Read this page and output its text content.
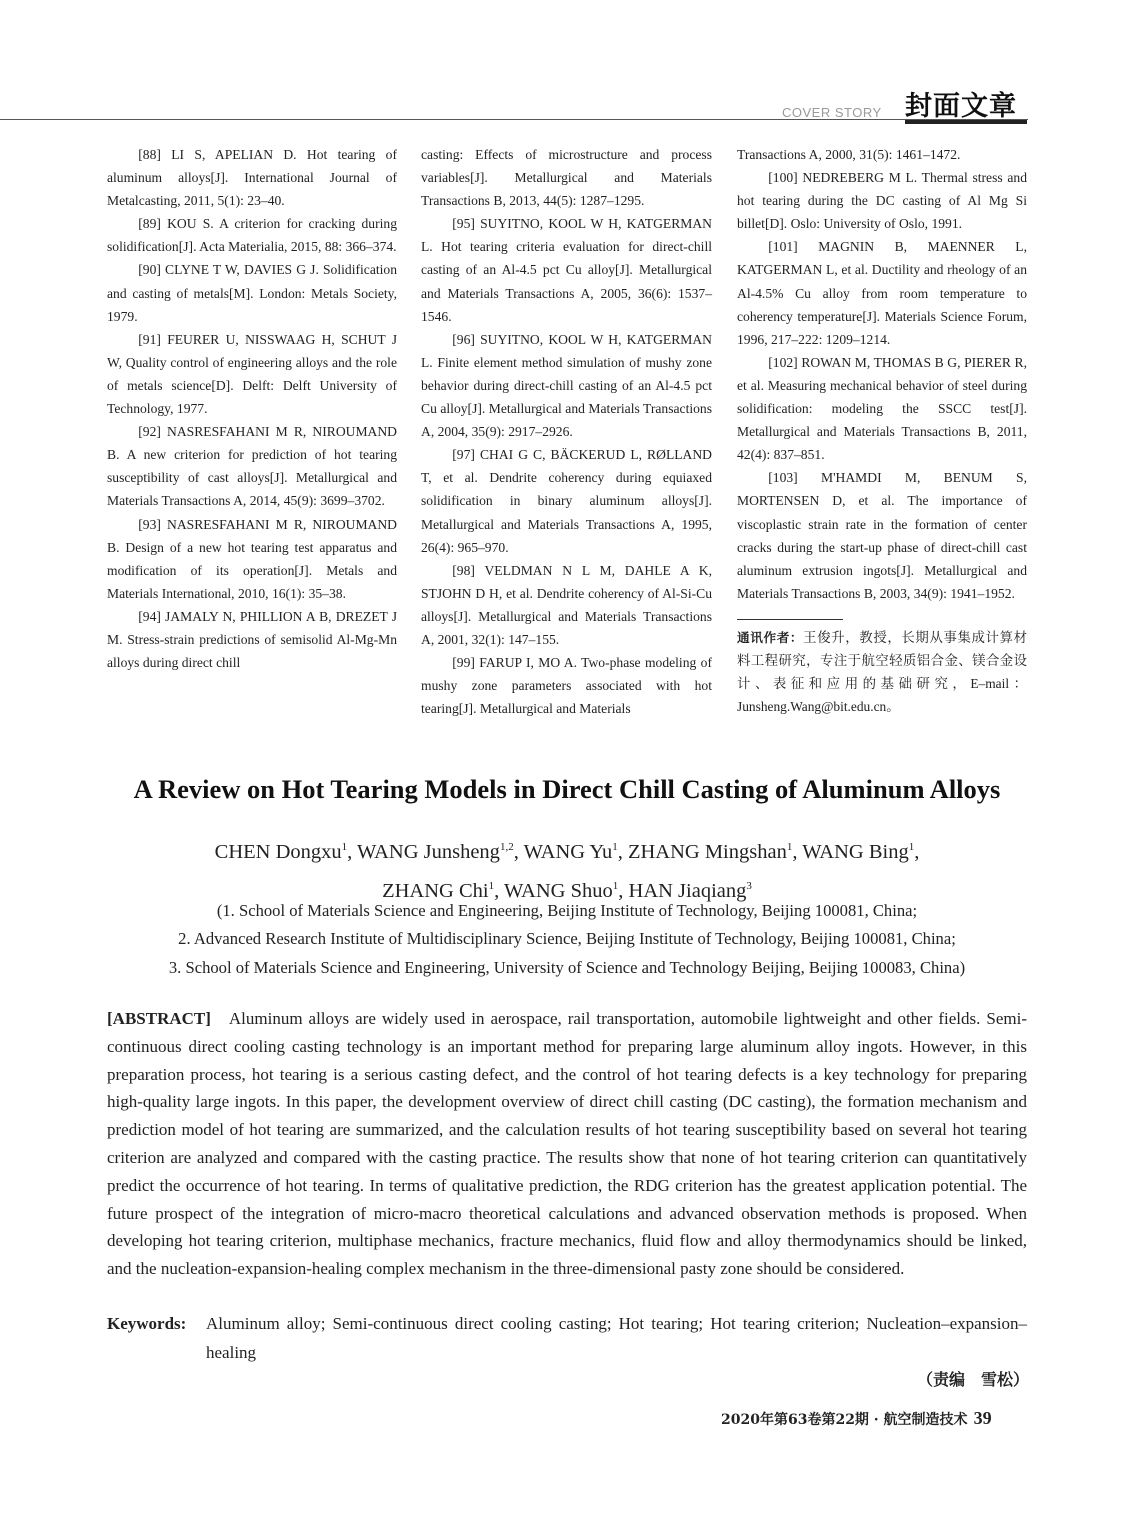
COVER STORY 封面文章

[88] LI S, APELIAN D. Hot tearing of aluminum alloys[J]. International Journal of Metalcasting, 2011, 5(1): 23–40.

[89] KOU S. A criterion for cracking during solidification[J]. Acta Materialia, 2015, 88: 366–374.

[90] CLYNE T W, DAVIES G J. Solidification and casting of metals[M]. London: Metals Society, 1979.

[91] FEURER U, NISSWAAG H, SCHUT J W, Quality control of engineering alloys and the role of metals science[D]. Delft: Delft University of Technology, 1977.

[92] NASRESFAHANI M R, NIROUMAND B. A new criterion for prediction of hot tearing susceptibility of cast alloys[J]. Metallurgical and Materials Transactions A, 2014, 45(9): 3699–3702.

[93] NASRESFAHANI M R, NIROUMAND B. Design of a new hot tearing test apparatus and modification of its operation[J]. Metals and Materials International, 2010, 16(1): 35–38.

[94] JAMALY N, PHILLION A B, DREZET J M. Stress-strain predictions of semisolid Al-Mg-Mn alloys during direct chill

casting: Effects of microstructure and process variables[J]. Metallurgical and Materials Transactions B, 2013, 44(5): 1287–1295.

[95] SUYITNO, KOOL W H, KATGERMAN L. Hot tearing criteria evaluation for direct-chill casting of an Al-4.5 pct Cu alloy[J]. Metallurgical and Materials Transactions A, 2005, 36(6): 1537–1546.

[96] SUYITNO, KOOL W H, KATGERMAN L. Finite element method simulation of mushy zone behavior during direct-chill casting of an Al-4.5 pct Cu alloy[J]. Metallurgical and Materials Transactions A, 2004, 35(9): 2917–2926.

[97] CHAI G C, BÄCKERUD L, RØLLAND T, et al. Dendrite coherency during equiaxed solidification in binary aluminum alloys[J]. Metallurgical and Materials Transactions A, 1995, 26(4): 965–970.

[98] VELDMAN N L M, DAHLE A K, STJOHN D H, et al. Dendrite coherency of Al-Si-Cu alloys[J]. Metallurgical and Materials Transactions A, 2001, 32(1): 147–155.

[99] FARUP I, MO A. Two-phase modeling of mushy zone parameters associated with hot tearing[J]. Metallurgical and Materials

Transactions A, 2000, 31(5): 1461–1472.

[100] NEDREBERG M L. Thermal stress and hot tearing during the DC casting of Al Mg Si billet[D]. Oslo: University of Oslo, 1991.

[101] MAGNIN B, MAENNER L, KATGERMAN L, et al. Ductility and rheology of an Al-4.5% Cu alloy from room temperature to coherency temperature[J]. Materials Science Forum, 1996, 217–222: 1209–1214.

[102] ROWAN M, THOMAS B G, PIERER R, et al. Measuring mechanical behavior of steel during solidification: modeling the SSCC test[J]. Metallurgical and Materials Transactions B, 2011, 42(4): 837–851.

[103] M'HAMDI M, BENUM S, MORTENSEN D, et al. The importance of viscoplastic strain rate in the formation of center cracks during the start-up phase of direct-chill cast aluminum extrusion ingots[J]. Metallurgical and Materials Transactions B, 2003, 34(9): 1941–1952.

通讯作者：王俊升，教授，长期从事集成计算材料工程研究，专注于航空轻质铝合金、镁合金设计、表征和应用的基础研究，E–mail：Junsheng.Wang@bit.edu.cn。
A Review on Hot Tearing Models in Direct Chill Casting of Aluminum Alloys
CHEN Dongxu$^1$, WANG Junsheng$^{1,2}$, WANG Yu$^1$, ZHANG Mingshan$^1$, WANG Bing$^1$,
ZHANG Chi$^1$, WANG Shuo$^1$, HAN Jiaqiang$^3$
(1. School of Materials Science and Engineering, Beijing Institute of Technology, Beijing 100081, China;
2. Advanced Research Institute of Multidisciplinary Science, Beijing Institute of Technology, Beijing 100081, China;
3. School of Materials Science and Engineering, University of Science and Technology Beijing, Beijing 100083, China)
[ABSTRACT] Aluminum alloys are widely used in aerospace, rail transportation, automobile lightweight and other fields. Semi-continuous direct cooling casting technology is an important method for preparing large aluminum alloy ingots. However, in this preparation process, hot tearing is a serious casting defect, and the control of hot tearing defects is a key technology for preparing high-quality large ingots. In this paper, the development overview of direct chill casting (DC casting), the formation mechanism and prediction model of hot tearing are summarized, and the calculation results of hot tearing susceptibility based on several hot tearing criterion are analyzed and compared with the casting practice. The results show that none of hot tearing criterion can quantitatively predict the occurrence of hot tearing. In terms of qualitative prediction, the RDG criterion has the greatest application potential. The future prospect of the integration of micro-macro theoretical calculations and advanced observation methods is proposed. When developing hot tearing criterion, multiphase mechanics, fracture mechanics, fluid flow and alloy thermodynamics should be linked, and the nucleation-expansion-healing complex mechanism in the three-dimensional pasty zone should be considered.
Keywords: Aluminum alloy; Semi-continuous direct cooling casting; Hot tearing; Hot tearing criterion; Nucleation–expansion–healing
（责编　雪松）
2020年第63卷第22期 · 航空制造技术 39
